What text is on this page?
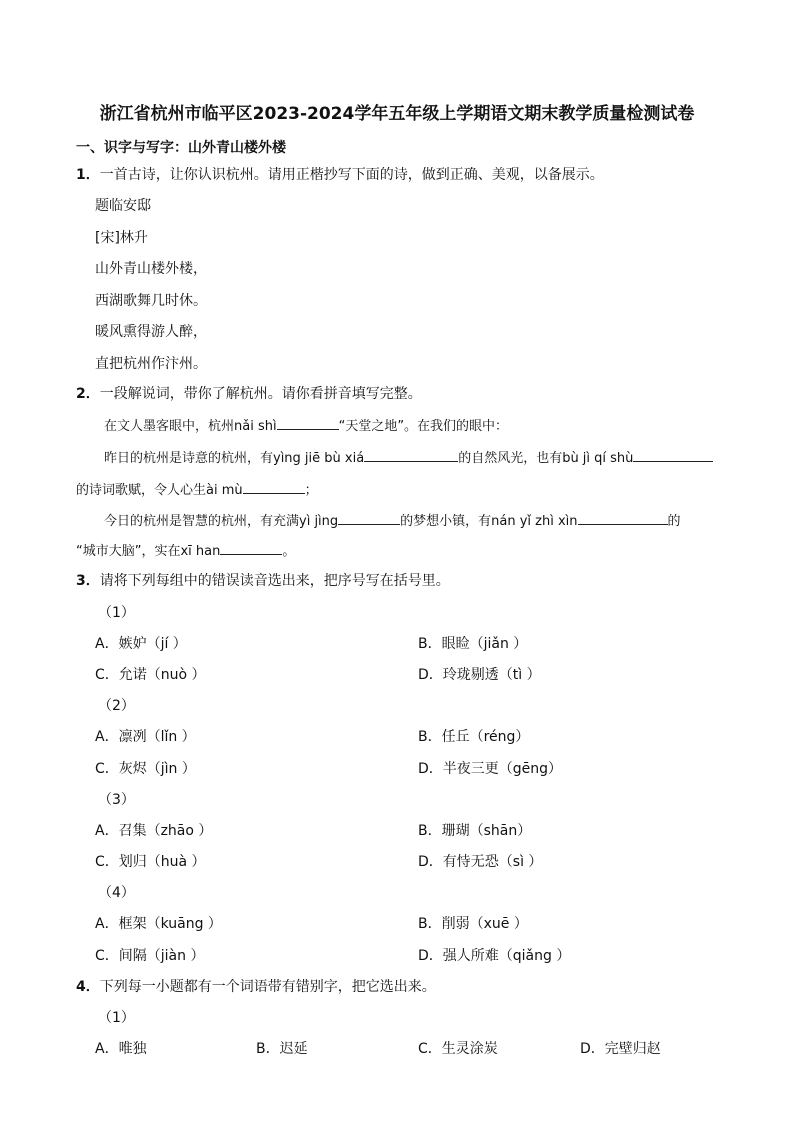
浙江省杭州市临平区2023-2024学年五年级上学期语文期末教学质量检测试卷
一、识字与写字：山外青山楼外楼
1．一首古诗，让你认识杭州。请用正楷抄写下面的诗，做到正确、美观，以备展示。
题临安邸
[宋]林升
山外青山楼外楼，
西湖歌舞几时休。
暖风熏得游人醉，
直把杭州作汴州。
2．一段解说词，带你了解杭州。请你看拼音填写完整。
在文人墨客眼中，杭州nǎi shì	“天堂之地”。在我们的眼中：
昨日的杭州是诗意的杭州，有yìng jiē bù xiá	的自然风光，也有bù jì qí shù
的诗词歌赋，令人心生ài mù	；
今日的杭州是智慧的杭州，有充满yì jìng	的梦想小镇，有nán yǐ zhì xìn	的
“城市大脑”，实在xī han	。
3．请将下列每组中的错误读音选出来，把序号写在括号里。
（1）
A．嫉妒（jí ）	B．眼睑（jiǎn ）
C．允诺（nuò ）	D．玲珑剔透（tì ）
（2）
A．凛冽（lǐn ）	B．任丘（réng）
C．灰烬（jìn ）	D．半夜三更（gēng）
（3）
A．召集（zhāo ）	B．珊瑚（shān）
C．划归（huà ）	D．有恃无恐（sì ）
（4）
A．框架（kuāng ）	B．削弱（xuē ）
C．间隔（jiàn ）	D．强人所难（qiǎng ）
4．下列每一小题都有一个词语带有错别字，把它选出来。
（1）
A．唯独	B．迟延	C．生灵涂炭	D．完壁归赵
